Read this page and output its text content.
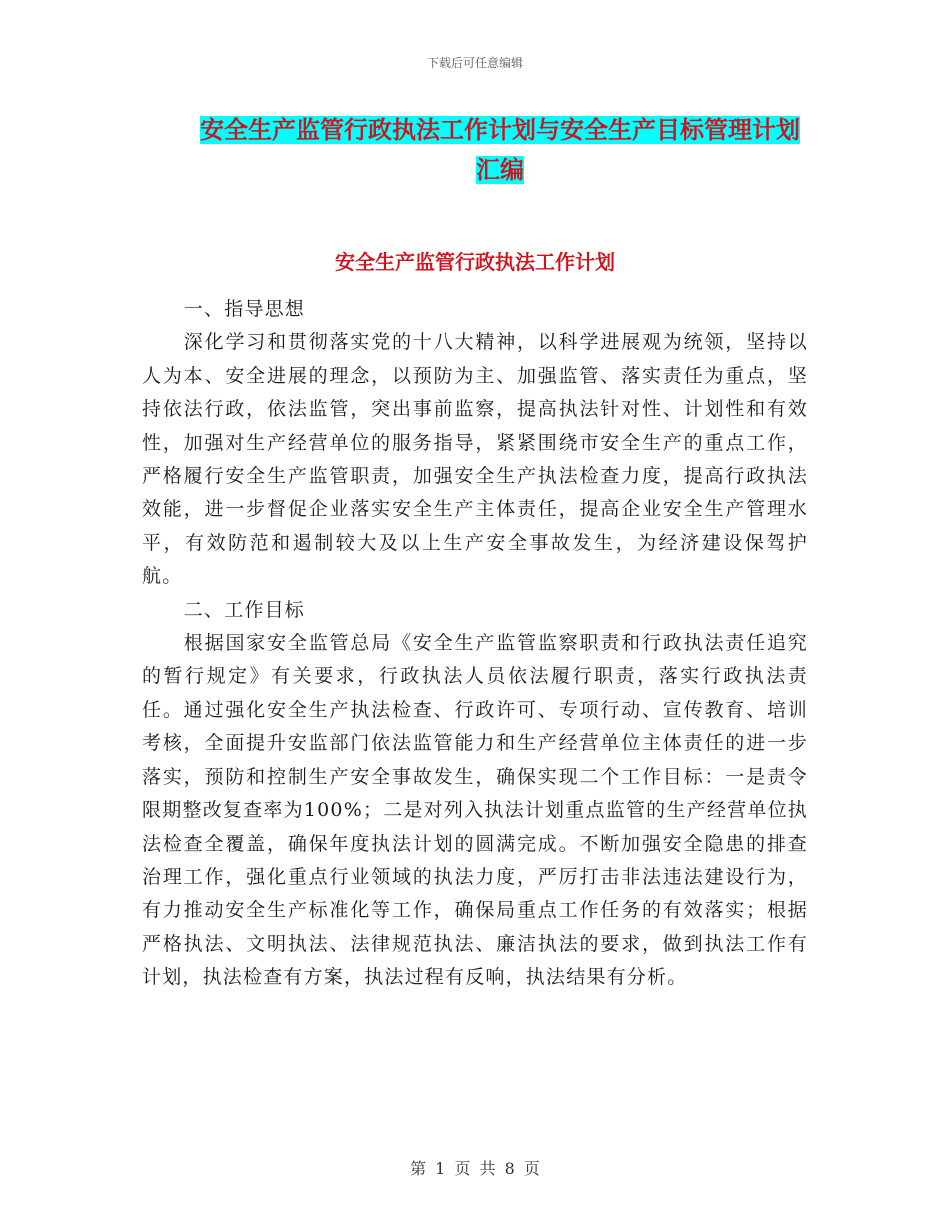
下载后可任意编辑
安全生产监管行政执法工作计划与安全生产目标管理计划汇编
安全生产监管行政执法工作计划

一、指导思想

深化学习和贯彻落实党的十八大精神，以科学进展观为统领，坚持以人为本、安全进展的理念，以预防为主、加强监管、落实责任为重点，坚持依法行政，依法监管，突出事前监察，提高执法针对性、计划性和有效性，加强对生产经营单位的服务指导，紧紧围绕市安全生产的重点工作，严格履行安全生产监管职责，加强安全生产执法检查力度，提高行政执法效能，进一步督促企业落实安全生产主体责任，提高企业安全生产管理水平，有效防范和遏制较大及以上生产安全事故发生，为经济建设保驾护航。

二、工作目标

根据国家安全监管总局《安全生产监管监察职责和行政执法责任追究的暂行规定》有关要求，行政执法人员依法履行职责，落实行政执法责任。通过强化安全生产执法检查、行政许可、专项行动、宣传教育、培训考核，全面提升安监部门依法监管能力和生产经营单位主体责任的进一步落实，预防和控制生产安全事故发生，确保实现二个工作目标：一是责令限期整改复查率为100%；二是对列入执法计划重点监管的生产经营单位执法检查全覆盖，确保年度执法计划的圆满完成。不断加强安全隐患的排查治理工作，强化重点行业领域的执法力度，严厉打击非法违法建设行为，有力推动安全生产标准化等工作，确保局重点工作任务的有效落实；根据严格执法、文明执法、法律规范执法、廉洁执法的要求，做到执法工作有计划，执法检查有方案，执法过程有反响，执法结果有分析。

第 1 页 共 8 页
